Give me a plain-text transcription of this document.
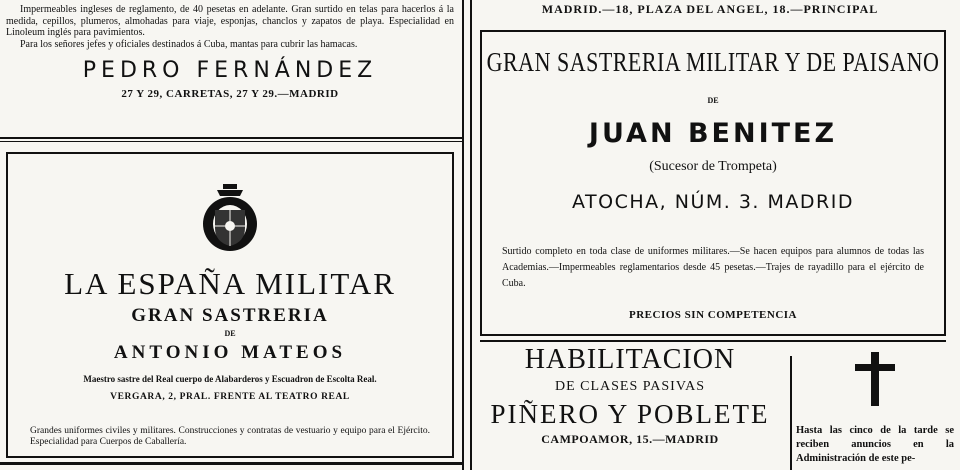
Impermeables ingleses de reglamento, de 40 pesetas en adelante. Gran surtido en telas para hacerlos á la medida, cepillos, plumeros, almohadas para viaje, esponjas, chanclos y zapatos de playa. Especialidad en Linoleum inglés para pavimientos.
Para los señores jefes y oficiales destinados á Cuba, mantas para cubrir las hamacas.
PEDRO FERNÁNDEZ
27 Y 29, CARRETAS, 27 Y 29.—MADRID
LA ESPAÑA MILITAR
GRAN SASTRERIA
DE
ANTONIO MATEOS
Maestro sastre del Real cuerpo de Alabarderos y Escuadron de Escolta Real.
VERGARA, 2, PRAL. FRENTE AL TEATRO REAL
Grandes uniformes civiles y militares. Construcciones y contratas de vestuario y equipo para el Ejército. Especialidad para Cuerpos de Caballería.
MADRID.—18, PLAZA DEL ANGEL, 18.—PRINCIPAL
GRAN SASTRERIA MILITAR Y DE PAISANO
DE
JUAN BENITEZ
(Sucesor de Trompeta)
ATOCHA, NÚM. 3. MADRID
Surtido completo en toda clase de uniformes militares.—Se hacen equipos para alumnos de todas las Academias.—Impermeables reglamentarios desde 45 pesetas.—Trajes de rayadillo para el ejército de Cuba.
PRECIOS SIN COMPETENCIA
HABILITACION
DE CLASES PASIVAS
PIÑERO Y POBLETE
CAMPOAMOR, 15.—MADRID
Hasta las cinco de la tarde se reciben anuncios en la Administración de este pe-
